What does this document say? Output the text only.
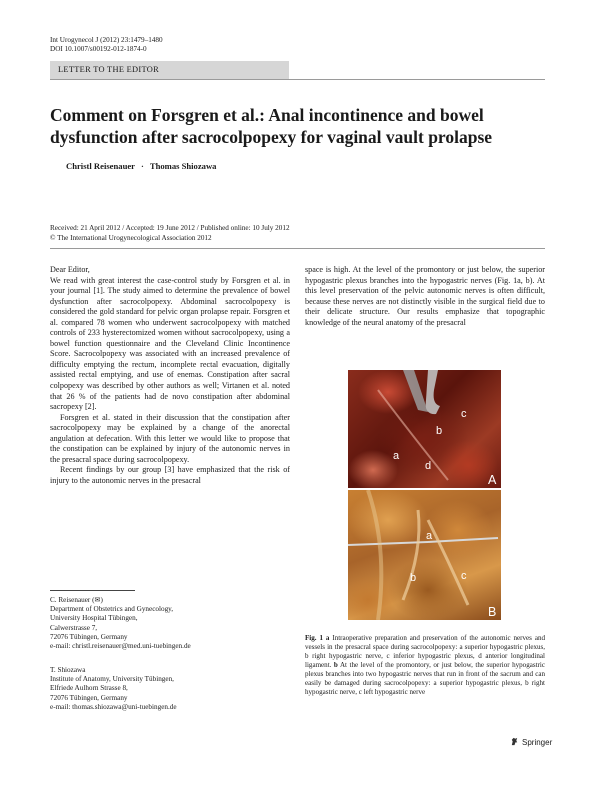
Int Urogynecol J (2012) 23:1479–1480
DOI 10.1007/s00192-012-1874-0
LETTER TO THE EDITOR
Comment on Forsgren et al.: Anal incontinence and bowel
dysfunction after sacrocolpopexy for vaginal vault prolapse
Christl Reisenauer · Thomas Shiozawa
Received: 21 April 2012 / Accepted: 19 June 2012 / Published online: 10 July 2012
© The International Urogynecological Association 2012

Dear Editor,

We read with great interest the case-control study by Forsgren et al. in your journal [1]. The study aimed to determine the prevalence of bowel dysfunction after sacrocolpopexy. Abdominal sacrocolpopexy is considered the gold standard for pelvic organ prolapse repair. Forsgren et al. compared 78 women who underwent sacrocolpopexy with matched controls of 233 hysterectomized women without sacrocolpopexy, using a bowel function questionnaire and the Cleveland Clinic Incontinence Score. Sacrocolpopexy was associated with an increased prevalence of difficulty emptying the rectum, incomplete rectal evacuation, digitally assisted rectal emptying, and use of enemas. Constipation after sacral colpopexy was described by other authors as well; Virtanen et al. noted that 26 % of the patients had de novo constipation after abdominal sacropexy [2].

Forsgren et al. stated in their discussion that the constipation after sacrocolpopexy may be explained by a change of the anorectal angulation at defecation. With this letter we would like to propose that the constipation can be explained by injury of the autonomic nerves in the presacral space during sacrocolpopexy.

Recent findings by our group [3] have emphasized that the risk of injury to the autonomic nerves in the presacral

space is high. At the level of the promontory or just below, the superior hypogastric plexus branches into the hypogastric nerves (Fig. 1a, b). At this level preservation of the pelvic autonomic nerves is often difficult, because these nerves are not distinctly visible in the surgical field due to their delicate structure. Our results emphasize that topographic knowledge of the neural anatomy of the presacral

C. Reisenauer (✉)
Department of Obstetrics and Gynecology,
University Hospital Tübingen,
Calwerstrasse 7,
72076 Tübingen, Germany
e-mail: christl.reisenauer@med.uni-tuebingen.de
T. Shiozawa
Institute of Anatomy, University Tübingen,
Elfriede Aulhorn Strasse 8,
72076 Tübingen, Germany
e-mail: thomas.shiozawa@uni-tuebingen.de
c
b
a
d
A
a
b	c
B
Fig. 1 a Intraoperative preparation and preservation of the autonomic nerves and vessels in the presacral space during sacrocolpopexy: a superior hypogastric plexus, b right hypogastric nerve, c inferior hypogastric plexus, d anterior longitudinal ligament. b At the level of the promontory, or just below, the superior hypogastric plexus branches into two hypogastric nerves that run in front of the sacrum and can easily be damaged during sacrocolpopexy: a superior hypogastric plexus, b right hypogastric nerve, c left hypogastric nerve
Springer
